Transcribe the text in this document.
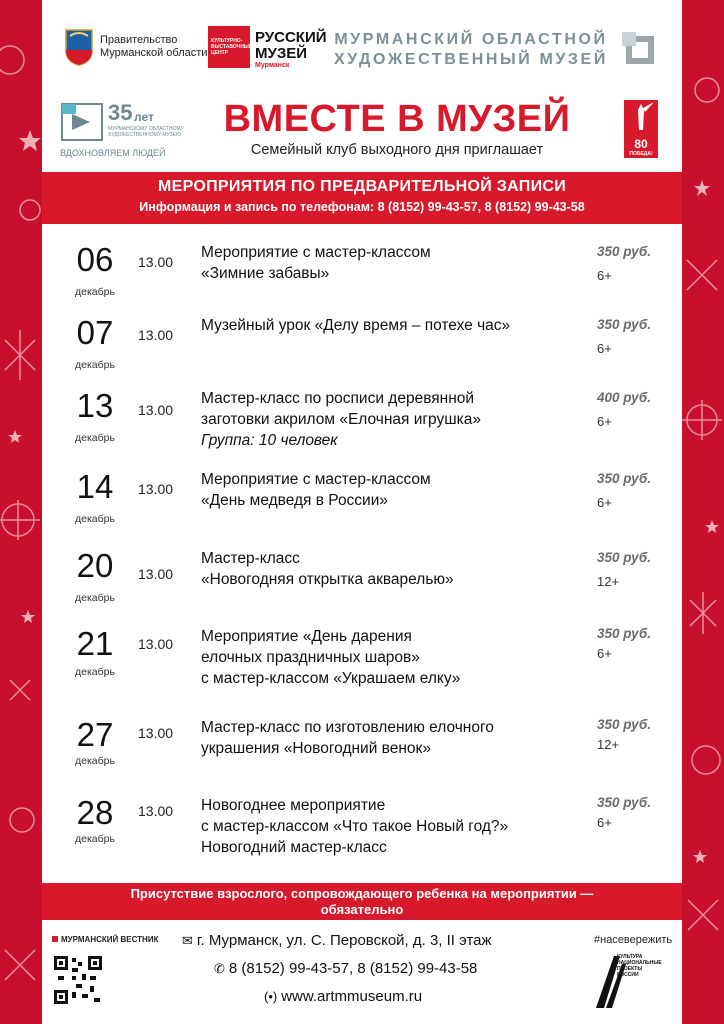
Правительство
Мурманской области
КУЛЬТУРНО-
ВЫСТАВОЧНЫЙ
ЦЕНТР
РУССКИЙ
МУЗЕЙ
Мурманск
МУРМАНСКИЙ ОБЛАСТНОЙ
ХУДОЖЕСТВЕННЫЙ МУЗЕЙ
35 лет
МУРМАНСКОМУ ОБЛАСТНОМУ ХУДОЖЕСТВЕННОМУ МУЗЕЮ
ВДОХНОВЛЯЕМ ЛЮДЕЙ
ВМЕСТЕ В МУЗЕЙ
Семейный клуб выходного дня приглашает	80
ПОБЕДА!
МЕРОПРИЯТИЯ ПО ПРЕДВАРИТЕЛЬНОЙ ЗАПИСИ
Информация и запись по телефонам: 8 (8152) 99-43-57, 8 (8152) 99-43-58
06
декабрь
13.00
Мероприятие с мастер-классом
«Зимние забавы»
350 руб.
6+
07
декабрь
13.00
Музейный урок «Делу время – потехе час»	350 руб.
6+
13
декабрь
13.00
Мастер-класс по росписи деревянной
заготовки акрилом «Елочная игрушка»
Группа: 10 человек
400 руб.
6+
14
декабрь
13.00
Мероприятие с мастер-классом
«День медведя в России»
350 руб.
6+
20
декабрь
13.00
Мастер-класс
«Новогодняя открытка акварелью»
350 руб.
12+
21
декабрь
13.00 Мероприятие «День дарения
елочных праздничных шаров»
с мастер-классом «Украшаем елку»
350 руб.
6+
27
декабрь
13.00 Мастер-класс по изготовлению елочного
украшения «Новогодний венок»
350 руб.
12+
28
декабрь
13.00 Новогоднее мероприятие
с мастер-классом «Что такое Новый год?»
Новогодний мастер-класс
350 руб.
6+
Присутствие взрослого, сопровождающего ребенка на мероприятии —
обязательно
МУРМАНСКИЙ ВЕСТНИК ✉ г. Мурманск, ул. С. Перовской, д. 3, II этаж
✆ 8 (8152) 99-43-57, 8 (8152) 99-43-58
(•) www.artmmuseum.ru
#насевережить
КУЛЬТУРА
НАЦИОНАЛЬНЫЕ
ПРОЕКТЫ
РОССИИ
